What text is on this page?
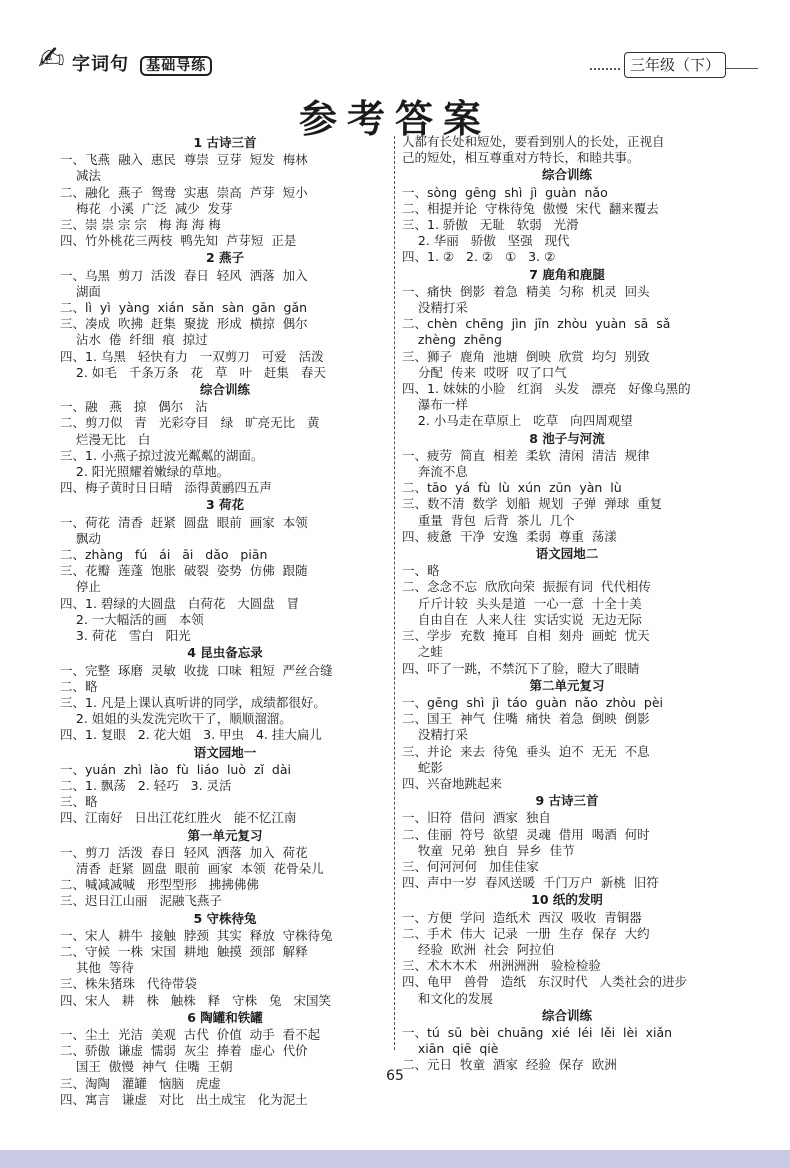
✍ 字词句 基础导练	三年级（下）
参考答案
1 古诗三首
一、飞燕  融入  惠民  尊崇  豆芽  短发  梅林
减法
二、融化  燕子  鸳鸯  实惠  崇高  芦芽  短小
梅花  小溪  广泛  减少  发芽
三、崇 崇 宗 宗   梅 海 海 梅
四、竹外桃花三两枝  鸭先知  芦芽短  正是
2 燕子
一、乌黑  剪刀  活泼  春日  轻风  洒落  加入
湖面
二、lì  yì  yàng  xián  sǎn  sàn  gān  gǎn
三、凑成  吹拂  赶集  聚拢  形成  横掠  偶尔
沾水  倦  纤细  痕  掠过
四、1. 乌黑   轻快有力   一双剪刀   可爱   活泼
2. 如毛   千条万条   花   草   叶   赶集   春天
综合训练
一、融   燕   掠   偶尔   沾
二、剪刀似   青   光彩夺目   绿   旷亮无比   黄
烂漫无比   白
三、1. 小燕子掠过波光粼粼的湖面。
2. 阳光照耀着嫩绿的草地。
四、梅子黄时日日晴   添得黄鹂四五声
3 荷花
一、荷花  清香  赶紧  圆盘  眼前  画家  本领
飘动
二、zhàng   fú   ái   āi   dǎo   piān
三、花瓣  莲蓬  饱胀  破裂  姿势  仿佛  跟随
停止
四、1. 碧绿的大圆盘   白荷花   大圆盘   冒
2. 一大幅活的画   本领
3. 荷花   雪白   阳光
4 昆虫备忘录
一、完整  琢磨  灵敏  收拢  口味  粗短  严丝合缝
二、略
三、1. 凡是上课认真听讲的同学，成绩都很好。
2. 姐姐的头发洗完吹干了，顺顺溜溜。
四、1. 复眼   2. 花大姐   3. 甲虫   4. 挂大扁儿
语文园地一
一、yuán  zhì  lào  fù  liáo  luò  zǐ  dài
二、1. 飘荡   2. 轻巧   3. 灵活
三、略
四、江南好   日出江花红胜火   能不忆江南
第一单元复习
一、剪刀  活泼  春日  轻风  洒落  加入  荷花
清香  赶紧  圆盘  眼前  画家  本领  花骨朵儿
二、喊减减喊   形型型形   拂拂佛佛
三、迟日江山丽   泥融飞燕子
5 守株待兔
一、宋人  耕牛  接触  脖颈  其实  释放  守株待兔
二、守候  一株  宋国  耕地  触摸  颈部  解释
其他  等待
三、株朱猪珠   代待带袋
四、宋人   耕   株   触株   释   守株   兔   宋国笑
6 陶罐和铁罐
一、尘土  光洁  美观  古代  价值  动手  看不起
二、骄傲  谦虚  懦弱  灰尘  捧着  虚心  代价
国王  傲慢  神气  住嘴  王朝
三、淘陶   灌罐   恼脑   虎虚
四、寓言   谦虚   对比   出土成宝   化为泥土
人都有长处和短处，要看到别人的长处，正视自
己的短处，相互尊重对方特长，和睦共事。
综合训练
一、sòng  gēng  shì  jì  guàn  nǎo
二、相提并论  守株待兔  傲慢  宋代  翻来覆去
三、1. 骄傲   无耻   软弱   光滑
2. 华丽   骄傲   坚强   现代
四、1. ②   2. ②   ①   3. ②
7 鹿角和鹿腿
一、痛快  倒影  着急  精美  匀称  机灵  回头
没精打采
二、chèn  chēng  jìn  jīn  zhòu  yuàn  sā  sǎ
zhèng  zhēng
三、狮子  鹿角  池塘  倒映  欣赏  均匀  别致
分配  传来  哎呀  叹了口气
四、1. 妹妹的小脸   红润   头发   漂亮   好像乌黑的
瀑布一样
2. 小马走在草原上   吃草   向四周观望
8 池子与河流
一、疲劳  简直  相差  柔软  清闲  清洁  规律
奔流不息
二、tāo  yá  fù  lù  xún  zūn  yàn  lù
三、数不清  数学  划船  规划  子弹  弹球  重复
重量  背包  后背  茶儿  几个
四、疲惫  干净  安逸  柔弱  尊重  荡漾
语文园地二
一、略
二、念念不忘  欣欣向荣  振振有词  代代相传
斤斤计较  头头是道  一心一意  十全十美
自由自在  人来人往  实话实说  无边无际
三、学步  充数  掩耳  自相  刻舟  画蛇  忧天
之蛙
四、吓了一跳，不禁沉下了脸，瞪大了眼睛
第二单元复习
一、gēng  shì  jì  táo  guàn  nǎo  zhòu  pèi
二、国王  神气  住嘴  痛快  着急  倒映  倒影
没精打采
三、并论  来去  待兔  垂头  迫不  无无  不息
蛇影
四、兴奋地跳起来
9 古诗三首
一、旧符  借问  酒家  独自
二、佳丽  符号  欲望  灵魂  借用  喝酒  何时
牧童  兄弟  独自  异乡  佳节
三、何河河何   加佳佳家
四、声中一岁  春风送暖  千门万户  新桃  旧符
10 纸的发明
一、方便  学问  造纸术  西汉  吸收  青铜器
二、手术  伟大  记录  一册  生存  保存  大约
经验  欧洲  社会  阿拉伯
三、术木木术   州洲洲洲   验检检验
四、龟甲   兽骨   造纸   东汉时代   人类社会的进步
和文化的发展
综合训练
一、tú  sū  bèi  chuāng  xié  léi  lěi  lèi  xiǎn
xiān  qiē  qiè
二、元日  牧童  酒家  经验  保存  欧洲
65
